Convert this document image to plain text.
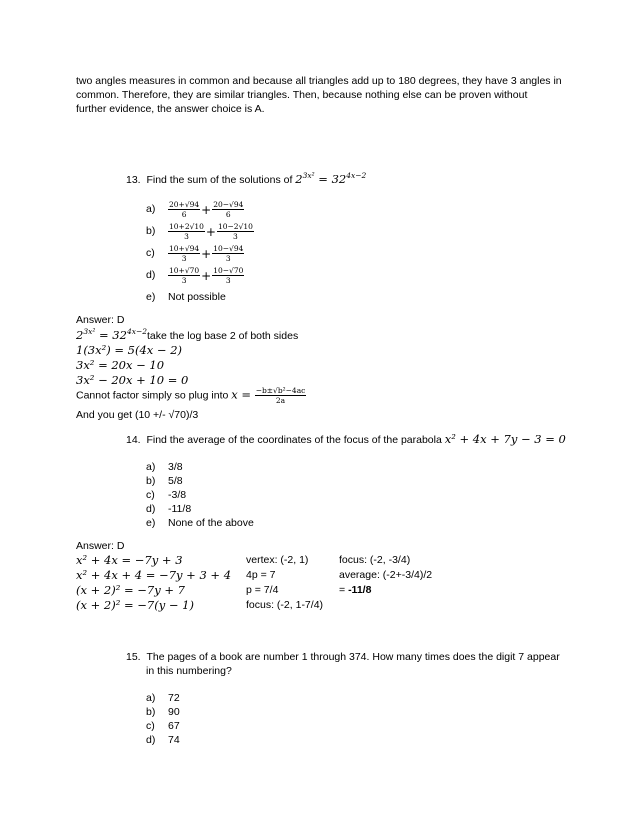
two angles measures in common and because all triangles add up to 180 degrees, they have 3 angles in
common. Therefore, they are similar triangles. Then, because nothing else can be proven without
further evidence, the answer choice is A.
13. Find the sum of the solutions of $2^{3x^2} = 32^{4x-2}$
$a) \frac{20+√94}{6} + \frac{20-√94}{6}$
$b) \frac{10+2√10}{3} + \frac{10-2√10}{3}$
$c) \frac{10+√94}{3} + \frac{10-√94}{3}$
$d) \frac{10+√70}{3} + \frac{10-√70}{3}$
e) Not possible
Answer: D
$2^{3x^2}$ = $32^{4x-2}take$ the log base 2 of both sides
1(3x²) = 5(4x − 2)
3x² = 20x − 10
3x² − 20x + 10 = 0
Cannot factor simply so plug into $x = \frac{\text{−b±√b²−4ac}}{2a}$
And you get (10 +/- √70)/3
14. Find the average of the coordinates of the focus of the parabola x² + 4x + 7y − 3 = 0
a) 3/8
b) 5/8
c) -3/8
d) -11/8
e) None of the above
Answer: D
x² + 4x = −7y + 3
x² + 4x + 4 = −7y + 3 + 4
(x + 2)² = −7y + 7
(x + 2)² = −7(y − 1)
vertex: (-2, 1)
4p = 7
p = 7/4
focus: (-2, 1-7/4)
focus: (-2, -3/4)
average: (-2+-3/4)/2
= -11/8
15. The pages of a book are number 1 through 374. How many times does the digit 7 appear
in this numbering?
a) 72
b) 90
c) 67
d) 74
